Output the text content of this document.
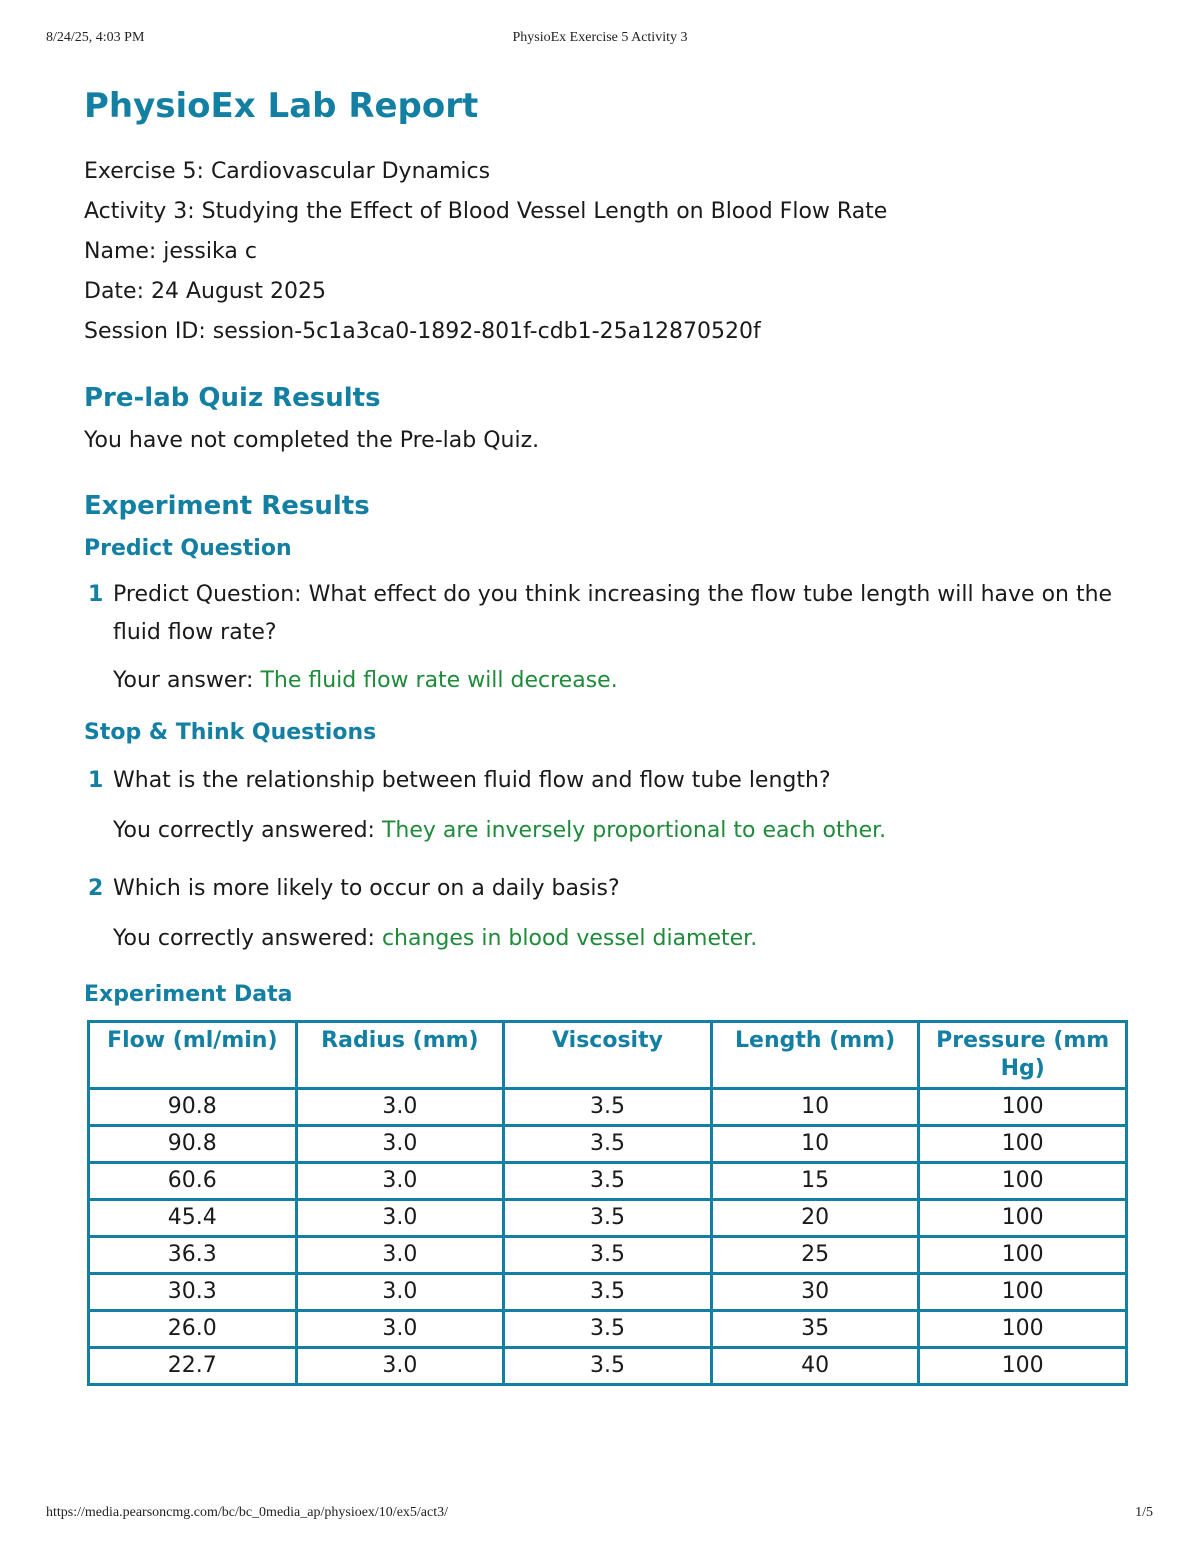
8/24/25, 4:03 PM	PhysioEx Exercise 5 Activity 3
PhysioEx Lab Report
Exercise 5: Cardiovascular Dynamics
Activity 3: Studying the Effect of Blood Vessel Length on Blood Flow Rate
Name: jessika c
Date: 24 August 2025
Session ID: session-5c1a3ca0-1892-801f-cdb1-25a12870520f
Pre-lab Quiz Results
You have not completed the Pre-lab Quiz.
Experiment Results
Predict Question
1 Predict Question: What effect do you think increasing the flow tube length will have on the fluid flow rate?
Your answer: The fluid flow rate will decrease.
Stop & Think Questions
1 What is the relationship between fluid flow and flow tube length?
You correctly answered: They are inversely proportional to each other.
2 Which is more likely to occur on a daily basis?
You correctly answered: changes in blood vessel diameter.
Experiment Data
Flow (ml/min)	Radius (mm)	Viscosity	Length (mm)	Pressure (mm Hg)
90.8	3.0	3.5	10	100
90.8	3.0	3.5	10	100
60.6	3.0	3.5	15	100
45.4	3.0	3.5	20	100
36.3	3.0	3.5	25	100
30.3	3.0	3.5	30	100
26.0	3.0	3.5	35	100
22.7	3.0	3.5	40	100
https://media.pearsoncmg.com/bc/bc_0media_ap/physioex/10/ex5/act3/	1/5
